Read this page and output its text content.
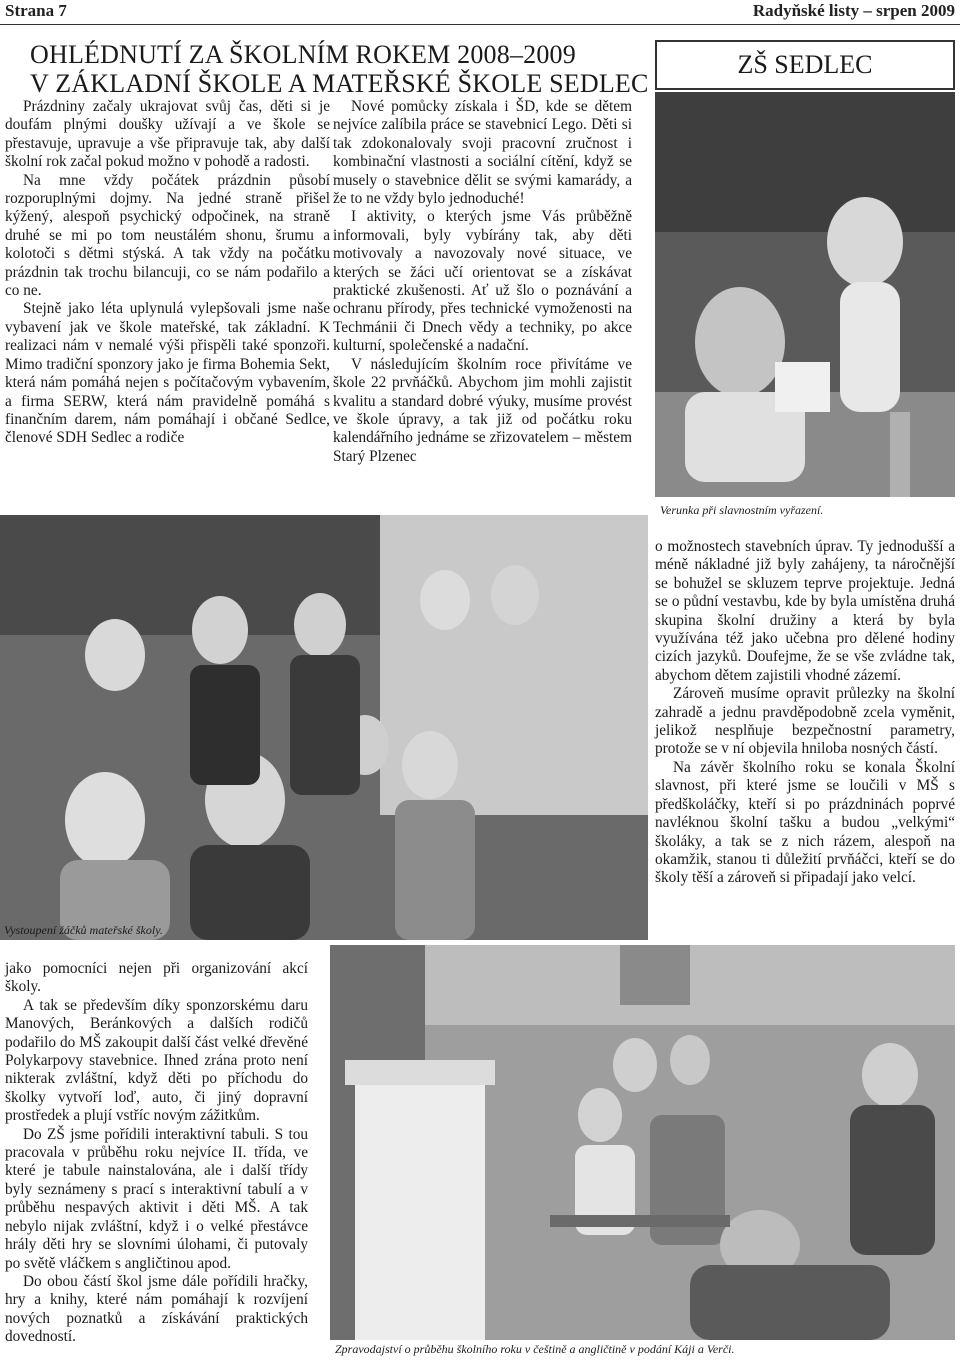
Strana 7	Radyňské listy – srpen 2009
OHLÉDNUTÍ ZA ŠKOLNÍM ROKEM 2008–2009
V ZÁKLADNÍ ŠKOLE A MATEŘSKÉ ŠKOLE SEDLEC
ZŠ SEDLEC

Prázdniny začaly ukrajovat svůj čas, děti si je doufám plnými doušky užívají a ve škole se přestavuje, upravuje a vše připravuje tak, aby další školní rok začal pokud možno v pohodě a radosti.

Na mne vždy počátek prázdnin působí rozporuplnými dojmy. Na jedné straně přišel kýžený, alespoň psychický odpočinek, na straně druhé se mi po tom neustálém shonu, šrumu a kolotoči s dětmi stýská. A tak vždy na počátku prázdnin tak trochu bilancuji, co se nám podařilo a co ne.

Stejně jako léta uplynulá vylepšovali jsme naše vybavení jak ve škole mateřské, tak základní. K realizaci nám v nemalé výši přispěli také sponzoři. Mimo tradiční sponzory jako je firma Bohemia Sekt, která nám pomáhá nejen s počítačovým vybavením, a firma SERW, která nám pravidelně pomáhá s finančním darem, nám pomáhají i občané Sedlce, členové SDH Sedlec a rodiče

Nové pomůcky získala i ŠD, kde se dětem nejvíce zalíbila práce se stavebnicí Lego. Děti si tak zdokonalovaly svoji pracovní zručnost i kombinační vlastnosti a sociální cítění, když se musely o stavebnice dělit se svými kamarády, a že to ne vždy bylo jednoduché!

I aktivity, o kterých jsme Vás průběžně informovali, byly vybírány tak, aby děti motivovaly a navozovaly nové situace, ve kterých se žáci učí orientovat se a získávat praktické zkušenosti. Ať už šlo o poznávání a ochranu přírody, přes technické vymoženosti na Techmánii či Dnech vědy a techniky, po akce kulturní, společenské a nadační.

V následujícím školním roce přivítáme ve škole 22 prvňáčků. Abychom jim mohli zajistit kvalitu a standard dobré výuky, musíme provést ve škole úpravy, a tak již od počátku roku kalendářního jednáme se zřizovatelem – městem Starý Plzenec

Verunka při slavnostním vyřazení.
Vystoupení žáčků mateřské školy.

o možnostech stavebních úprav. Ty jednodušší a méně nákladné již byly zahájeny, ta náročnější se bohužel se skluzem teprve projektuje. Jedná se o půdní vestavbu, kde by byla umístěna druhá skupina školní družiny a která by byla využívána též jako učebna pro dělené hodiny cizích jazyků. Doufejme, že se vše zvládne tak, abychom dětem zajistili vhodné zázemí.

Zároveň musíme opravit průlezky na školní zahradě a jednu pravděpodobně zcela vyměnit, jelikož nesplňuje bezpečnostní parametry, protože se v ní objevila hniloba nosných částí.

Na závěr školního roku se konala Školní slavnost, při které jsme se loučili v MŠ s předškoláčky, kteří si po prázdninách poprvé navléknou školní tašku a budou „velkými“ školáky, a tak se z nich rázem, alespoň na okamžik, stanou ti důležití prvňáčci, kteří se do školy těší a zároveň si připadají jako velcí.

jako pomocníci nejen při organizování akcí školy.

A tak se především díky sponzorskému daru Manových, Beránkových a dalších rodičů podařilo do MŠ zakoupit další část velké dřevěné Polykarpovy stavebnice. Ihned zrána proto není nikterak zvláštní, když děti po příchodu do školky vytvoří loď, auto, či jiný dopravní prostředek a plují vstříc novým zážitkům.

Do ZŠ jsme pořídili interaktivní tabuli. S tou pracovala v průběhu roku nejvíce II. třída, ve které je tabule nainstalována, ale i další třídy byly seznámeny s prací s interaktivní tabulí a v průběhu nespavých aktivit i děti MŠ. A tak nebylo nijak zvláštní, když i o velké přestávce hrály děti hry se slovními úlohami, či putovaly po světě vláčkem s angličtinou apod.

Do obou částí škol jsme dále pořídili hračky, hry a knihy, které nám pomáhají k rozvíjení nových poznatků a získávání praktických dovedností.

Zpravodajství o průběhu školního roku v češtině a angličtině v podání Káji a Verči.
